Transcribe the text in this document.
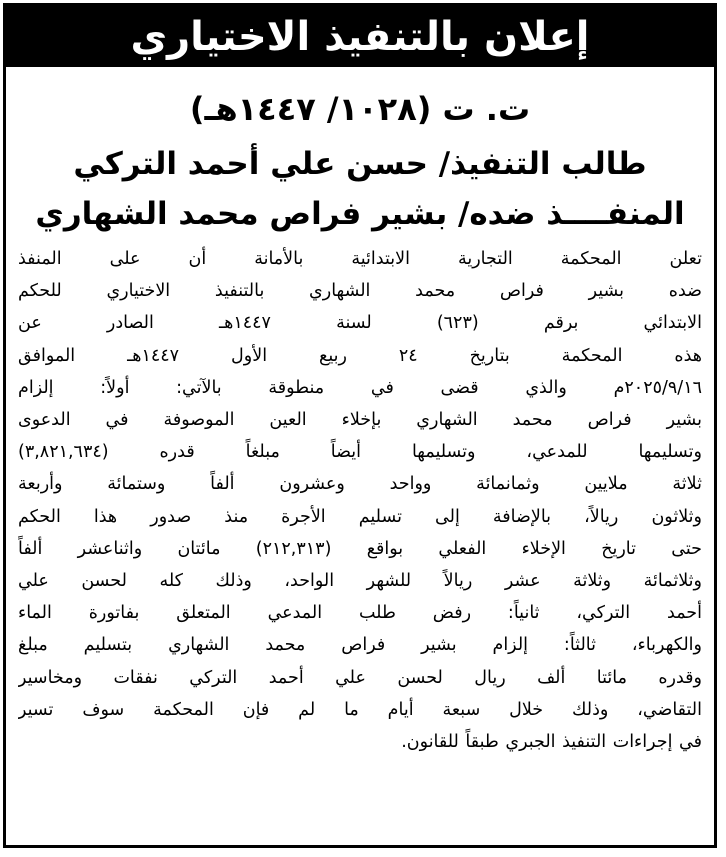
إعلان بالتنفيذ الاختياري
ت. ت (١٠٢٨/ ١٤٤٧هـ)
طالب التنفيذ/ حسن علي أحمد التركي
المنفــــذ ضده/ بشير فراص محمد الشهاري
تعلن المحكمة التجارية الابتدائية بالأمانة أن على المنفذ
ضده بشير فراص محمد الشهاري بالتنفيذ الاختياري للحكم
الابتدائي برقم (٦٢٣) لسنة ١٤٤٧هـ الصادر عن
هذه المحكمة بتاريخ ٢٤ ربيع الأول ١٤٤٧هـ الموافق
٢٠٢٥/٩/١٦م والذي قضى في منطوقة بالآتي: أولاً: إلزام
بشير فراص محمد الشهاري بإخلاء العين الموصوفة في الدعوى
وتسليمها للمدعي، وتسليمها أيضاً مبلغاً قدره (٣,٨٢١,٦٣٤)
ثلاثة ملايين وثمانمائة وواحد وعشرون ألفاً وستمائة وأربعة
وثلاثون ريالاً، بالإضافة إلى تسليم الأجرة منذ صدور هذا الحكم
حتى تاريخ الإخلاء الفعلي بواقع (٢١٢,٣١٣) مائتان واثناعشر ألفاً
وثلاثمائة وثلاثة عشر ريالاً للشهر الواحد، وذلك كله لحسن علي
أحمد التركي، ثانياً: رفض طلب المدعي المتعلق بفاتورة الماء
والكهرباء، ثالثاً: إلزام بشير فراص محمد الشهاري بتسليم مبلغ
وقدره مائتا ألف ريال لحسن علي أحمد التركي نفقات ومخاسير
التقاضي، وذلك خلال سبعة أيام ما لم فإن المحكمة سوف تسير
في إجراءات التنفيذ الجبري طبقاً للقانون.
